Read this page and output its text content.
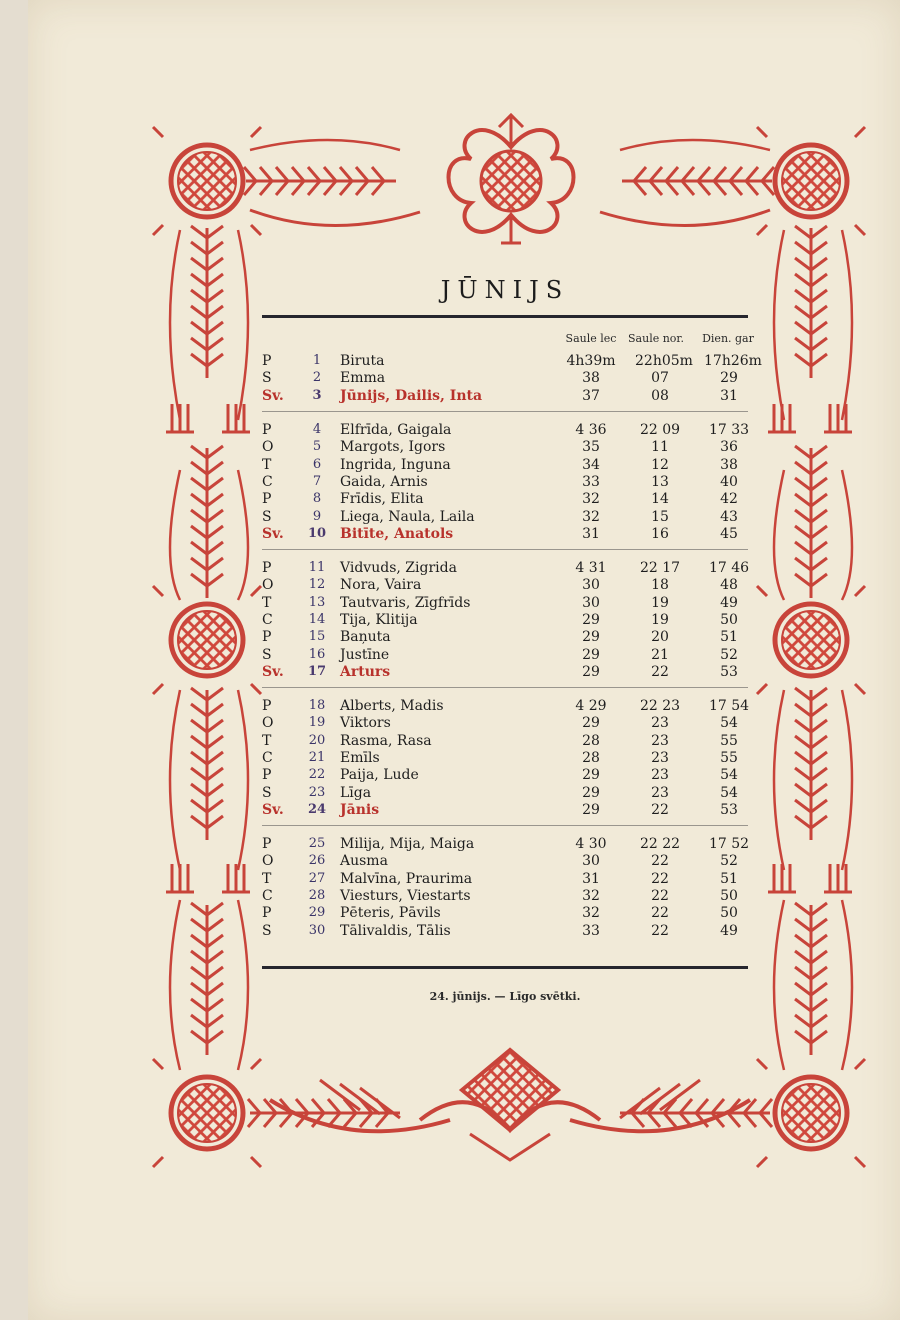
JŪNIJS
Saule lec	Saule nor.	Dien. gar
P	1	Biruta	4h39m 22h05m 17h26m
S	2	Emma	38	07	29
Sv.	3	Jūnijs, Dailis, Inta	37	08	31
P	4	Elfrīda, Gaigala	4 36	22 09	17 33
O	5	Margots, Igors	35	11	36
T	6	Ingrida, Inguna	34	12	38
C	7	Gaida, Arnis	33	13	40
P	8	Frīdis, Elita	32	14	42
S	9	Liega, Naula, Laila	32	15	43
Sv.	10 Bitīte, Anatols	31	16	45
P	11	Vidvuds, Zigrida	4 31	22 17	17 46
O	12	Nora, Vaira	30	18	48
T	13	Tautvaris, Zīgfrīds	30	19	49
C	14	Tija, Klitija	29	19	50
P	15	Baņuta	29	20	51
S	16	Justīne	29	21	52
Sv.	17 Arturs	29	22	53
P	18	Alberts, Madis	4 29	22 23	17 54
O	19	Viktors	29	23	54
T	20	Rasma, Rasa	28	23	55
C	21	Emīls	28	23	55
P	22	Paija, Lude	29	23	54
S	23	Līga	29	23	54
Sv.	24 Jānis	29	22	53
P	25	Milija, Mija, Maiga	4 30	22 22	17 52
O	26	Ausma	30	22	52
T	27	Malvīna, Praurima	31	22	51
C	28	Viesturs, Viestarts	32	22	50
P	29	Pēteris, Pāvils	32	22	50
S	30	Tālivaldis, Tālis	33	22	49
24. jūnijs. — Līgo svētki.
